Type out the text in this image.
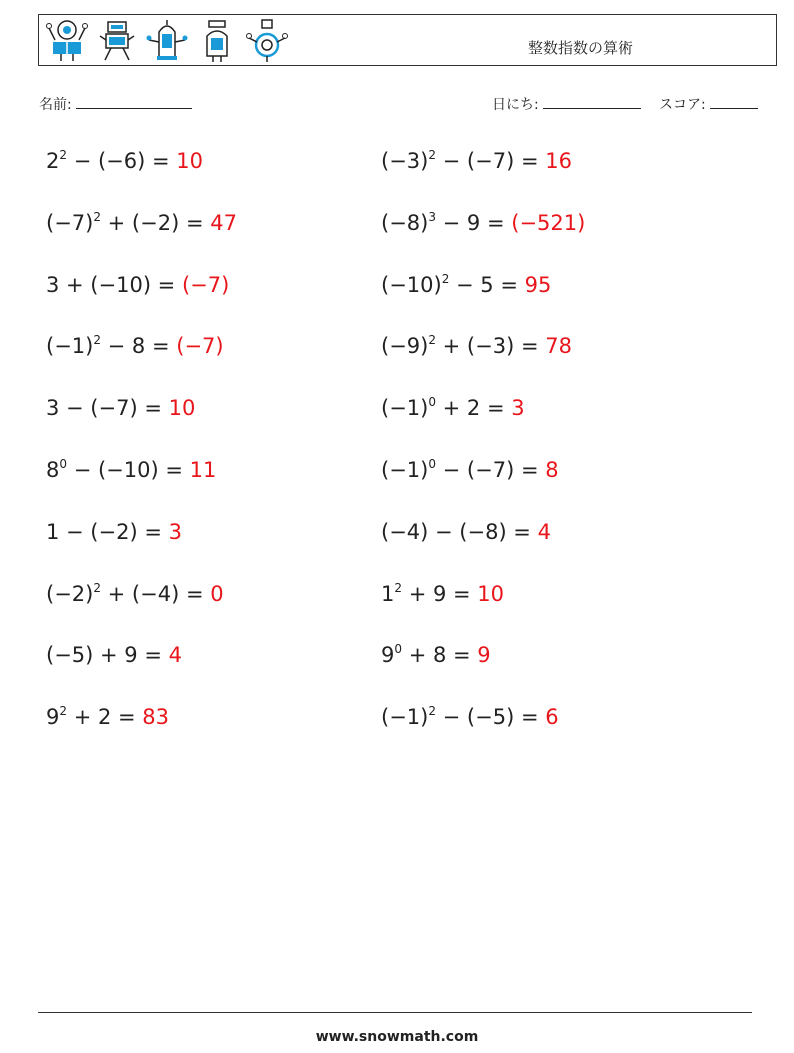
整数指数の算術
名前:	日にち:	スコア:
$2^2 - (-6) = 10$	$(-3)^2 - (-7) = 16$
$(-7)^2 + (-2) = 47$	$(-8)^3 - 9 = (-521)$
3 + (−10) = (−7)	$(-10)^2 - 5 = 95$
$(-1)^2 - 8 = (-7)$	$(-9)^2 + (-3) = 78$
3 − (−7) = 10	$(-1)^0 + 2 = 3$
$8^0 - (-10) = 11$	$(-1)^0 - (-7) = 8$
1 − (−2) = 3	(−4) − (−8) = 4
$(-2)^2 + (-4) = 0$	$1^2 + 9 = 10$
(−5) + 9 = 4	$9^0 + 8 = 9$
$9^2 + 2 = 83$	$(-1)^2 - (-5) = 6$
www.snowmath.com
